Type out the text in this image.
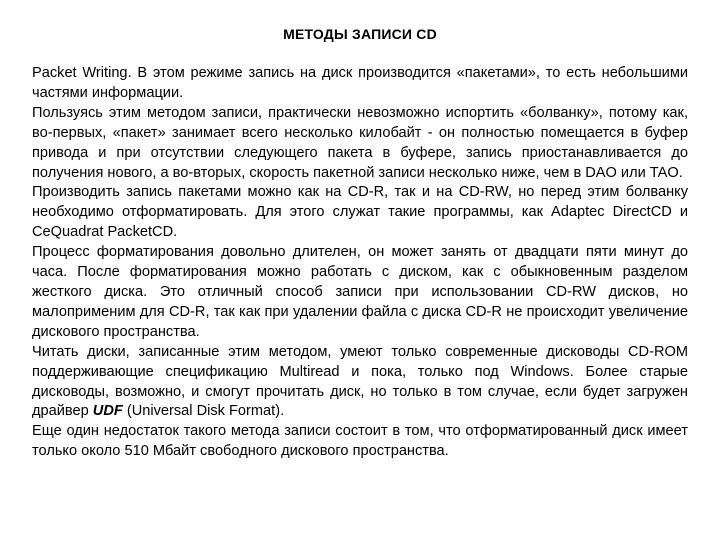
МЕТОДЫ ЗАПИСИ CD

Packet Writing. В этом режиме запись на диск производится «пакетами», то есть небольшими частями информации.

Пользуясь этим методом записи, практически невозможно испортить «болванку», потому как, во-первых, «пакет» занимает всего несколько килобайт - он полностью помещается в буфер привода и при отсутствии следующего пакета в буфере, запись приостанавливается до получения нового, а во-вторых, скорость пакетной записи несколько ниже, чем в DAO или TAO.

Производить запись пакетами можно как на CD-R, так и на CD-RW, но перед этим болванку необходимо отформатировать. Для этого служат такие программы, как Adaptec DirectCD и CeQuadrat PacketCD.

Процесс форматирования довольно длителен, он может занять от двадцати пяти минут до часа. После форматирования можно работать с диском, как с обыкновенным разделом жесткого диска. Это отличный способ записи при использовании CD-RW дисков, но малоприменим для CD-R, так как при удалении файла с диска CD-R не происходит увеличение дискового пространства.

Читать диски, записанные этим методом, умеют только современные дисководы CD-ROM поддерживающие спецификацию Multiread и пока, только под Windows. Более старые дисководы, возможно, и смогут прочитать диск, но только в том случае, если будет загружен драйвер UDF (Universal Disk Format).

Еще один недостаток такого метода записи состоит в том, что отформатированный диск имеет только около 510 Мбайт свободного дискового пространства.
